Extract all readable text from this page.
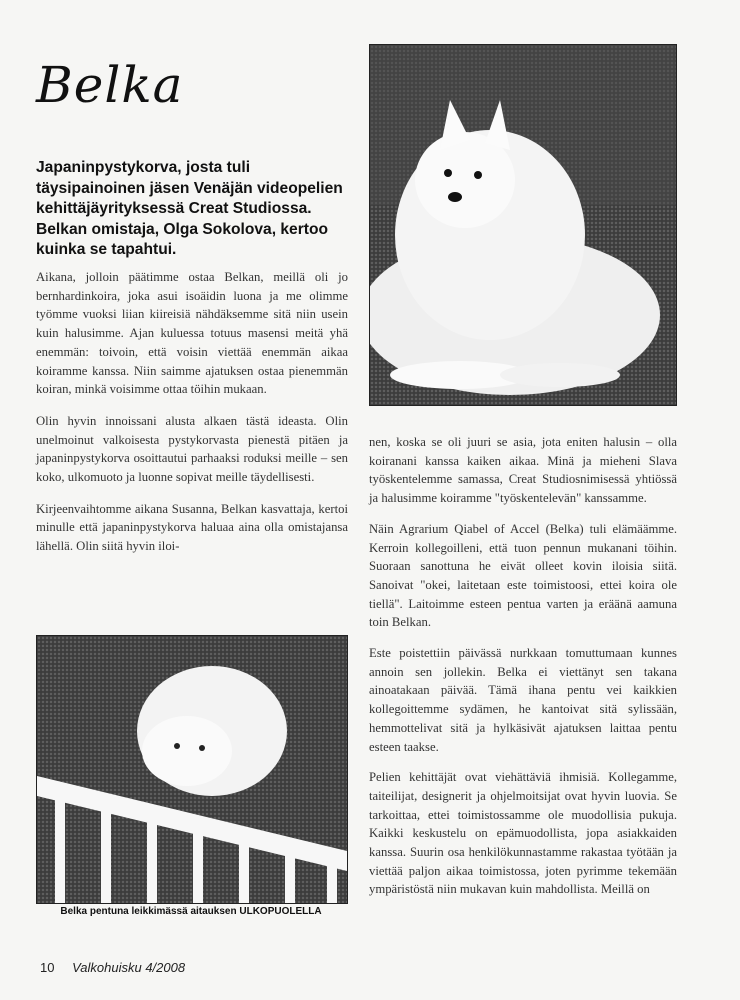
Belka
Japaninpystykorva, josta tuli täysipainoinen jäsen Venäjän videopelien kehittäjäyrityksessä Creat Studiossa. Belkan omistaja, Olga Sokolova, kertoo kuinka se tapahtui.

Aikana, jolloin päätimme ostaa Belkan, meillä oli jo bernhardinkoira, joka asui isoäidin luona ja me olimme työmme vuoksi liian kiireisiä nähdäksemme sitä niin usein kuin halusimme. Ajan kuluessa totuus masensi meitä yhä enemmän: toivoin, että voisin viettää enemmän aikaa koiramme kanssa. Niin saimme ajatuksen ostaa pienemmän koiran, minkä voisimme ottaa töihin mukaan.

Olin hyvin innoissani alusta alkaen tästä ideasta. Olin unelmoinut valkoisesta pystykorvasta pienestä pitäen ja japaninpystykorva osoittautui parhaaksi roduksi meille – sen koko, ulkomuoto ja luonne sopivat meille täydellisesti.

Kirjeenvaihtomme aikana Susanna, Belkan kasvattaja, kertoi minulle että japaninpystykorva haluaa aina olla omistajansa lähellä. Olin siitä hyvin iloi-

Belka pentuna leikkimässä aitauksen ULKOPUOLELLA

nen, koska se oli juuri se asia, jota eniten halusin – olla koiranani kanssa kaiken aikaa. Minä ja mieheni Slava työskentelemme samassa, Creat Studiosnimisessä yhtiössä ja halusimme koiramme "työskentelevän" kanssamme.

Näin Agrarium Qiabel of Accel (Belka) tuli elämäämme. Kerroin kollegoilleni, että tuon pennun mukanani töihin. Suoraan sanottuna he eivät olleet kovin iloisia siitä. Sanoivat "okei, laitetaan este toimistoosi, ettei koira ole tiellä". Laitoimme esteen pentua varten ja eräänä aamuna toin Belkan.

Este poistettiin päivässä nurkkaan tomuttumaan kunnes annoin sen jollekin. Belka ei viettänyt sen takana ainoatakaan päivää. Tämä ihana pentu vei kaikkien kollegoittemme sydämen, he kantoivat sitä sylissään, hemmottelivat sitä ja hylkäsivät ajatuksen laittaa pentu esteen taakse.

Pelien kehittäjät ovat viehättäviä ihmisiä. Kollegamme, taiteilijat, designerit ja ohjelmoitsijat ovat hyvin luovia. Se tarkoittaa, ettei toimistossamme ole muodollisia pukuja. Kaikki keskustelu on epämuodollista, jopa asiakkaiden kanssa. Suurin osa henkilökunnastamme rakastaa työtään ja viettää paljon aikaa toimistossa, joten pyrimme tekemään ympäristöstä niin mukavan kuin mahdollista. Meillä on

10 Valkohuisku 4/2008
